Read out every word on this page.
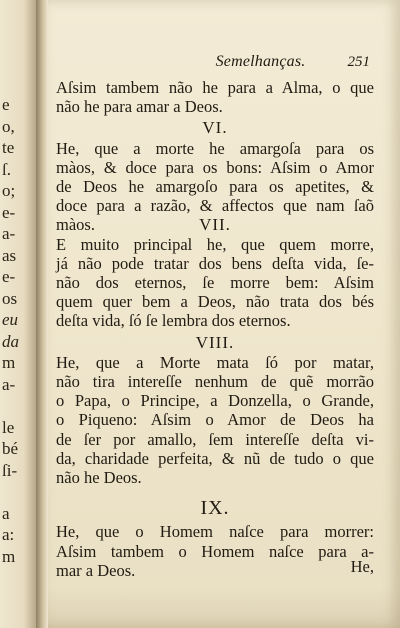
e
o,
te
ſ.
o;
e-
a-
as
e-
os
eu
da
m
a-
le
bé
ſi-
a
a:
m
Semelhanças.	251
Aſsim tambem não he para a Alma, o que
não he para amar a Deos.
VI.
He, que a morte he amargoſa para os
màos, & doce para os bons: Aſsim o Amor
de Deos he amargoſo para os apetites, &
doce para a razão, & affectos que nam ſaõ
màos.	VII.
E muito principal he, que quem morre,
já não pode tratar dos bens deſta vida, ſe-
não dos eternos, ſe morre bem: Aſsim
quem quer bem a Deos, não trata dos bés
deſta vida, ſó ſe lembra dos eternos.
VIII.
He, que a Morte mata ſó por matar,
não tira intereſſe nenhum de quẽ morrão
o Papa, o Principe, a Donzella, o Grande,
o Piqueno: Aſsim o Amor de Deos ha
de ſer por amallo, ſem intereſſe deſta vi-
da, charidade perfeita, & nũ de tudo o que
não he Deos.
IX.
He, que o Homem naſce para morrer:
Aſsim tambem o Homem naſce para a-
mar a Deos.	He,
